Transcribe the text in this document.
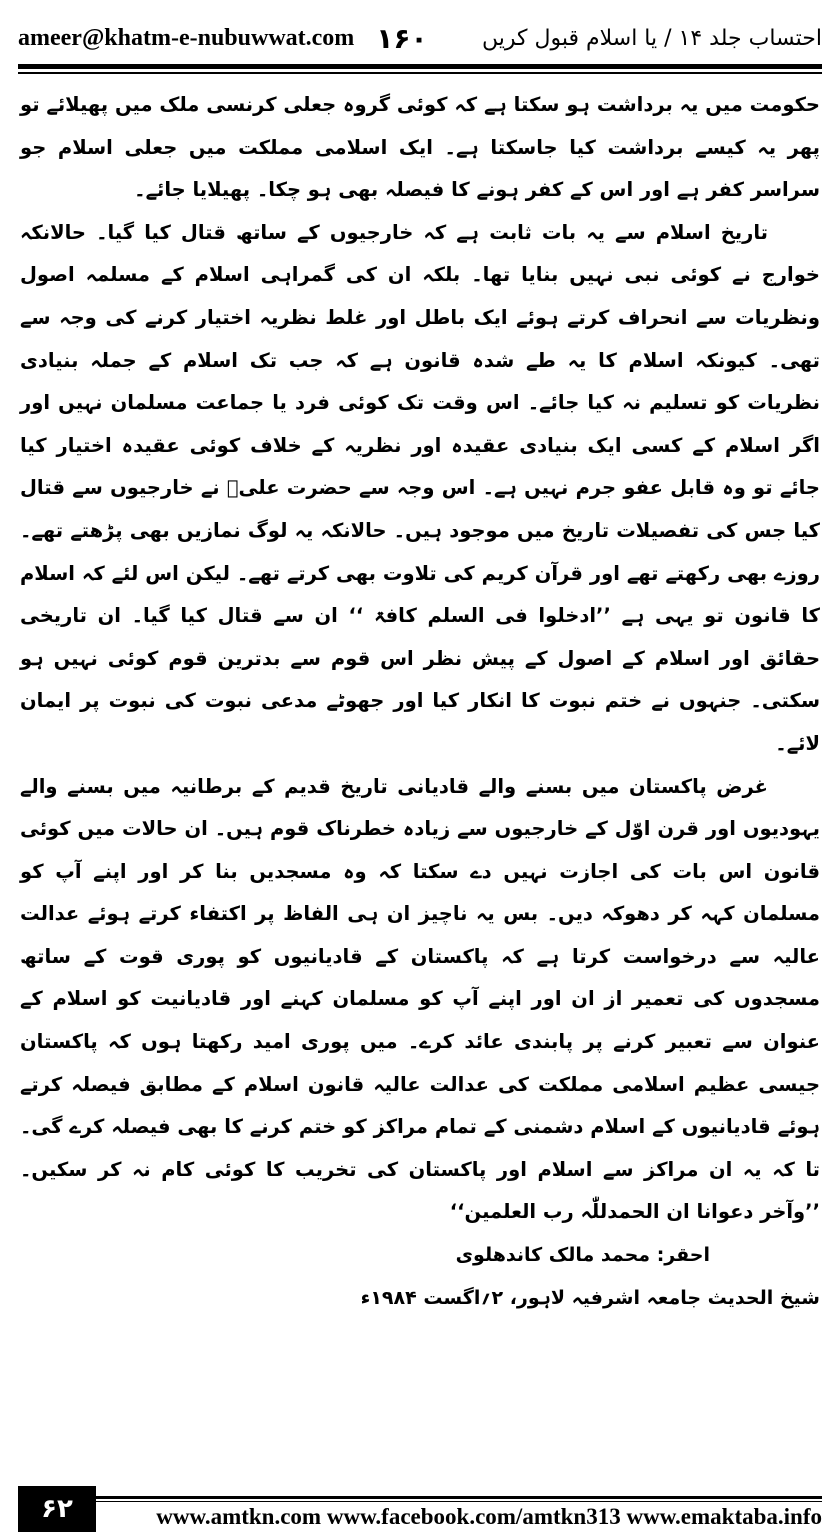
ameer@khatm-e-nubuwwat.com ۱۶۰ احتساب جلد ۱۴ / یا اسلام قبول کریں

حکومت میں یہ برداشت ہو سکتا ہے کہ کوئی گروہ جعلی کرنسی ملک میں پھیلائے تو پھر یہ کیسے برداشت کیا جاسکتا ہے۔ ایک اسلامی مملکت میں جعلی اسلام جو سراسر کفر ہے اور اس کے کفر ہونے کا فیصلہ بھی ہو چکا۔ پھیلایا جائے۔

تاریخ اسلام سے یہ بات ثابت ہے کہ خارجیوں کے ساتھ قتال کیا گیا۔ حالانکہ خوارج نے کوئی نبی نہیں بنایا تھا۔ بلکہ ان کی گمراہی اسلام کے مسلمہ اصول ونظریات سے انحراف کرتے ہوئے ایک باطل اور غلط نظریہ اختیار کرنے کی وجہ سے تھی۔ کیونکہ اسلام کا یہ طے شدہ قانون ہے کہ جب تک اسلام کے جملہ بنیادی نظریات کو تسلیم نہ کیا جائے۔ اس وقت تک کوئی فرد یا جماعت مسلمان نہیں اور اگر اسلام کے کسی ایک بنیادی عقیدہ اور نظریہ کے خلاف کوئی عقیدہ اختیار کیا جائے تو وہ قابل عفو جرم نہیں ہے۔ اس وجہ سے حضرت علیؓ نے خارجیوں سے قتال کیا جس کی تفصیلات تاریخ میں موجود ہیں۔ حالانکہ یہ لوگ نمازیں بھی پڑھتے تھے۔ روزے بھی رکھتے تھے اور قرآن کریم کی تلاوت بھی کرتے تھے۔ لیکن اس لئے کہ اسلام کا قانون تو یہی ہے ’’ادخلوا فی السلم کافۃ ‘‘ ان سے قتال کیا گیا۔ ان تاریخی حقائق اور اسلام کے اصول کے پیش نظر اس قوم سے بدترین قوم کوئی نہیں ہو سکتی۔ جنہوں نے ختم نبوت کا انکار کیا اور جھوٹے مدعی نبوت کی نبوت پر ایمان لائے۔

غرض پاکستان میں بسنے والے قادیانی تاریخ قدیم کے برطانیہ میں بسنے والے یہودیوں اور قرن اوّل کے خارجیوں سے زیادہ خطرناک قوم ہیں۔ ان حالات میں کوئی قانون اس بات کی اجازت نہیں دے سکتا کہ وہ مسجدیں بنا کر اور اپنے آپ کو مسلمان کہہ کر دھوکہ دیں۔ بس یہ ناچیز ان ہی الفاظ پر اکتفاء کرتے ہوئے عدالت عالیہ سے درخواست کرتا ہے کہ پاکستان کے قادیانیوں کو پوری قوت کے ساتھ مسجدوں کی تعمیر از ان اور اپنے آپ کو مسلمان کہنے اور قادیانیت کو اسلام کے عنوان سے تعبیر کرنے پر پابندی عائد کرے۔ میں پوری امید رکھتا ہوں کہ پاکستان جیسی عظیم اسلامی مملکت کی عدالت عالیہ قانون اسلام کے مطابق فیصلہ کرتے ہوئے قادیانیوں کے اسلام دشمنی کے تمام مراکز کو ختم کرنے کا بھی فیصلہ کرے گی۔ تا کہ یہ ان مراکز سے اسلام اور پاکستان کی تخریب کا کوئی کام نہ کر سکیں۔ ’’وآخر دعوانا ان الحمدللّٰہ رب العلمین‘‘

احقر: محمد مالک کاندھلوی
شیخ الحدیث جامعہ اشرفیہ لاہور، ۲؍اگست ۱۹۸۴ء
۶۲	www.amtkn.com www.facebook.com/amtkn313 www.emaktaba.info
